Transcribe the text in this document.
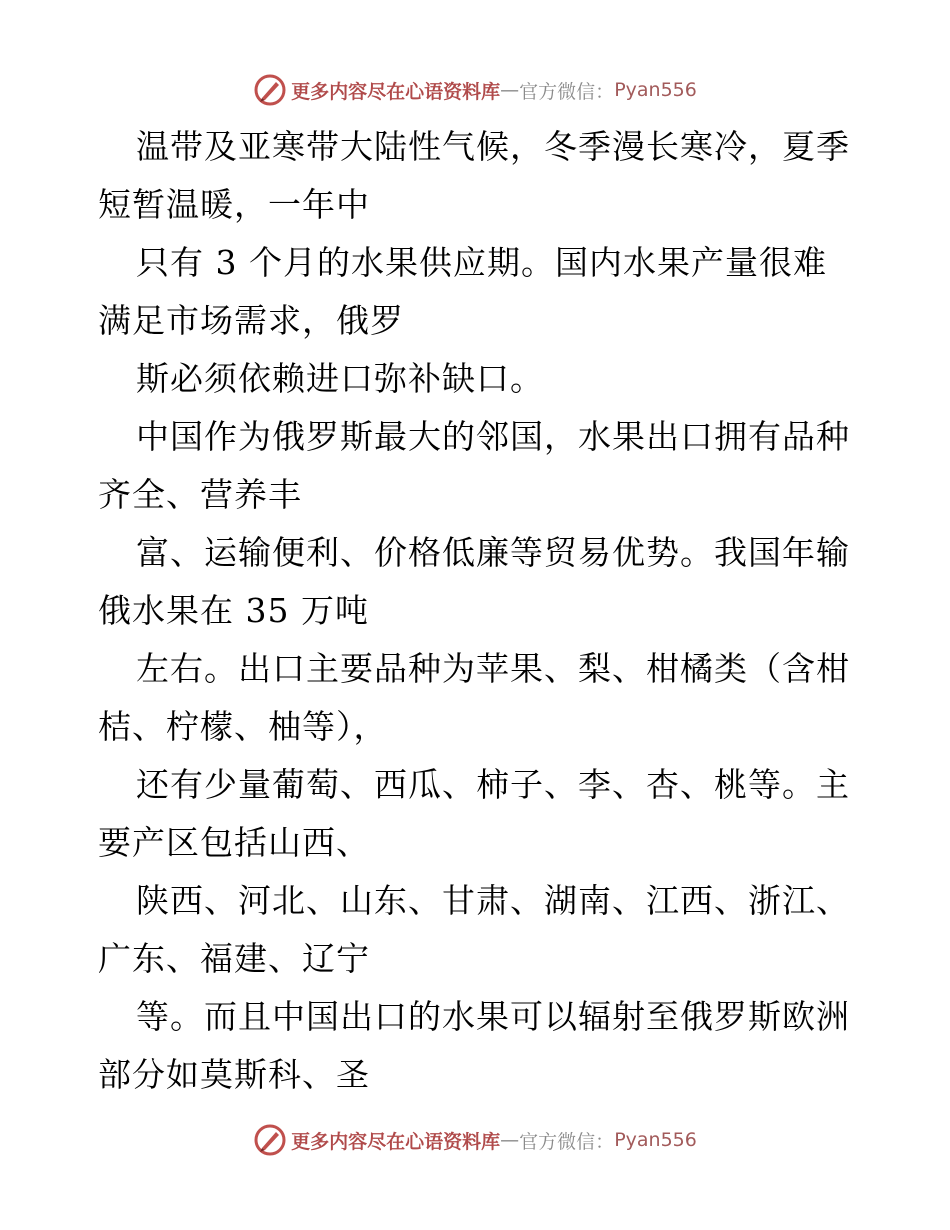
更多内容尽在心语资料库 — 官方微信： Pyan556
温带及亚寒带大陆性气候，冬季漫长寒冷，夏季
短暂温暖，一年中
只有 3 个月的水果供应期。国内水果产量很难
满足市场需求，俄罗
斯必须依赖进口弥补缺口。
中国作为俄罗斯最大的邻国，水果出口拥有品种
齐全、营养丰
富、运输便利、价格低廉等贸易优势。我国年输
俄水果在 35 万吨
左右。出口主要品种为苹果、梨、柑橘类（含柑
桔、柠檬、柚等），
还有少量葡萄、西瓜、柿子、李、杏、桃等。主
要产区包括山西、
陕西、河北、山东、甘肃、湖南、江西、浙江、
广东、福建、辽宁
等。而且中国出口的水果可以辐射至俄罗斯欧洲
部分如莫斯科、圣
更多内容尽在心语资料库 — 官方微信： Pyan556
